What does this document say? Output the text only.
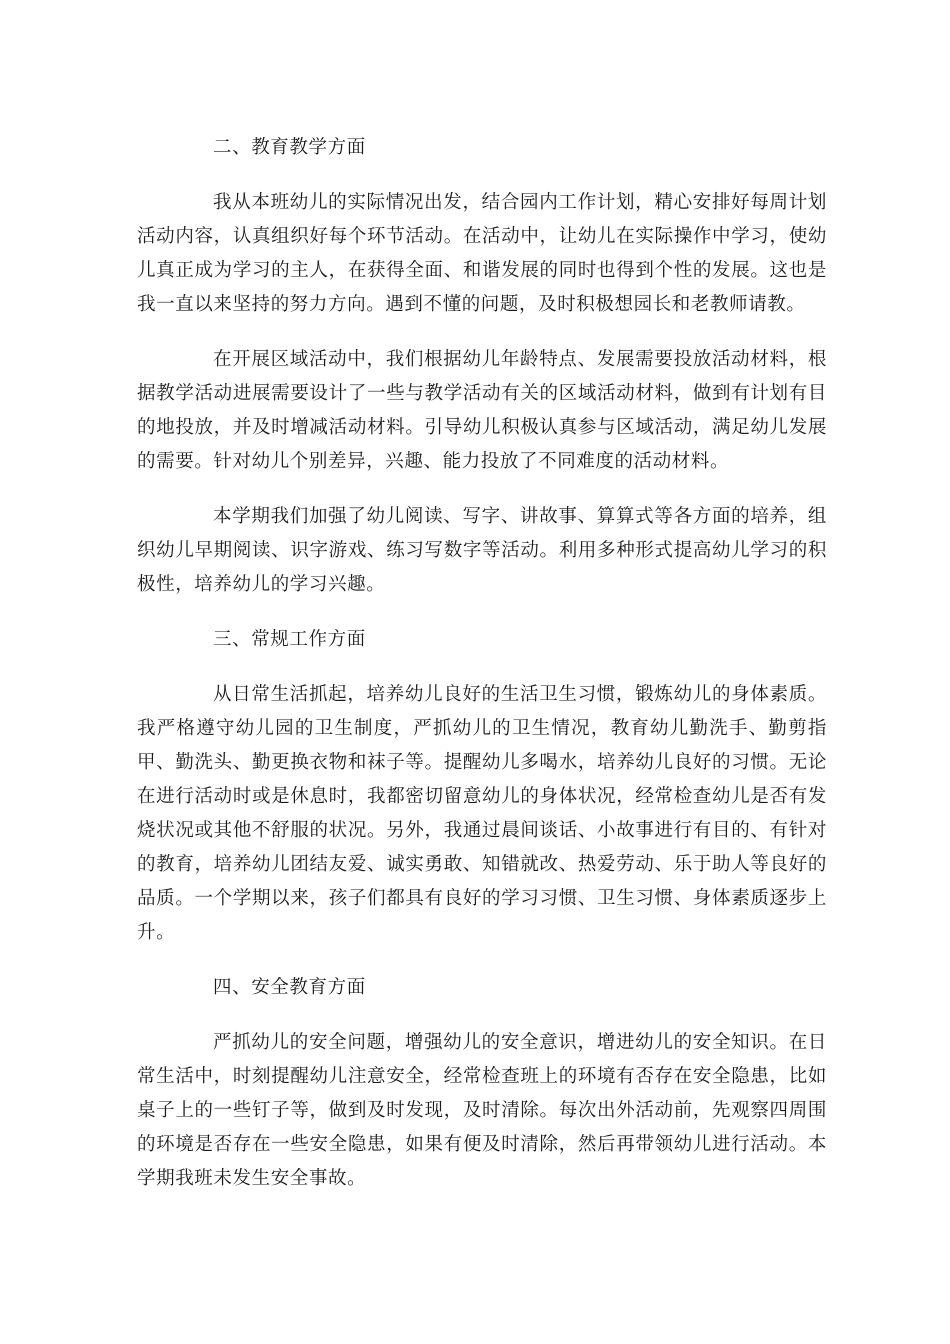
二、教育教学方面

我从本班幼儿的实际情况出发，结合园内工作计划，精心安排好每周计划活动内容，认真组织好每个环节活动。在活动中，让幼儿在实际操作中学习，使幼儿真正成为学习的主人，在获得全面、和谐发展的同时也得到个性的发展。这也是我一直以来坚持的努力方向。遇到不懂的问题，及时积极想园长和老教师请教。

在开展区域活动中，我们根据幼儿年龄特点、发展需要投放活动材料，根据教学活动进展需要设计了一些与教学活动有关的区域活动材料，做到有计划有目的地投放，并及时增减活动材料。引导幼儿积极认真参与区域活动，满足幼儿发展的需要。针对幼儿个别差异，兴趣、能力投放了不同难度的活动材料。

本学期我们加强了幼儿阅读、写字、讲故事、算算式等各方面的培养，组织幼儿早期阅读、识字游戏、练习写数字等活动。利用多种形式提高幼儿学习的积极性，培养幼儿的学习兴趣。

三、常规工作方面

从日常生活抓起，培养幼儿良好的生活卫生习惯，锻炼幼儿的身体素质。我严格遵守幼儿园的卫生制度，严抓幼儿的卫生情况，教育幼儿勤洗手、勤剪指甲、勤洗头、勤更换衣物和袜子等。提醒幼儿多喝水，培养幼儿良好的习惯。无论在进行活动时或是休息时，我都密切留意幼儿的身体状况，经常检查幼儿是否有发烧状况或其他不舒服的状况。另外，我通过晨间谈话、小故事进行有目的、有针对的教育，培养幼儿团结友爱、诚实勇敢、知错就改、热爱劳动、乐于助人等良好的品质。一个学期以来，孩子们都具有良好的学习习惯、卫生习惯、身体素质逐步上升。

四、安全教育方面

严抓幼儿的安全问题，增强幼儿的安全意识，增进幼儿的安全知识。在日常生活中，时刻提醒幼儿注意安全，经常检查班上的环境有否存在安全隐患，比如桌子上的一些钉子等，做到及时发现，及时清除。每次出外活动前，先观察四周围的环境是否存在一些安全隐患，如果有便及时清除，然后再带领幼儿进行活动。本学期我班未发生安全事故。
